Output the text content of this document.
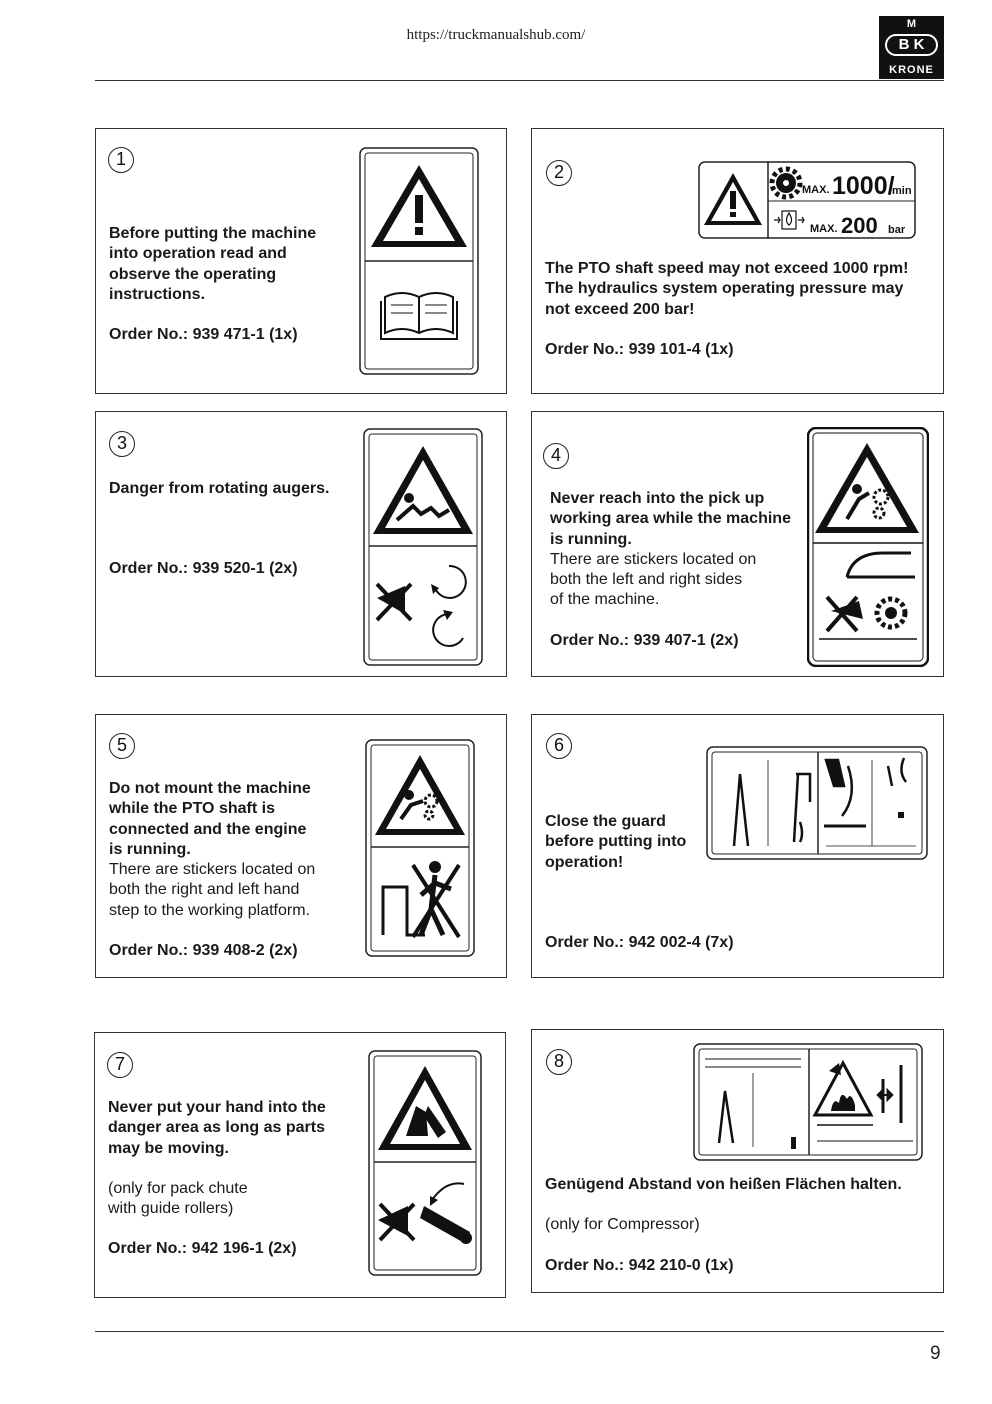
https://truckmanualshub.com/
M
B K
KRONE
1
Before putting the machine
into operation read and
observe the operating
instructions.
Order No.: 939 471-1 (1x)
2
MAX. 1000/
min
MAX. 200 bar
The PTO shaft speed may not exceed 1000 rpm!
The hydraulics system operating pressure may
not exceed 200 bar!
Order No.: 939 101-4 (1x)
3
Danger from rotating augers.
Order No.: 939 520-1 (2x)
4
Never reach into the pick up
working area while the machine
is running.
There are stickers located on
both the left and right sides
of the machine.
Order No.: 939 407-1 (2x)
5
Do not mount the machine
while the PTO shaft is
connected and the engine
is running.
There are stickers located on
both the right and left hand
step to the working platform.
Order No.: 939 408-2 (2x)
6
Close the guard
before putting into
operation!
Order No.: 942 002-4 (7x)
7
Never put your hand into the
danger area as long as parts
may be moving.
(only for pack chute
with guide rollers)
Order No.: 942 196-1 (2x)
8
Genügend Abstand von heißen Flächen halten.
(only for Compressor)
Order No.: 942 210-0 (1x)
9
